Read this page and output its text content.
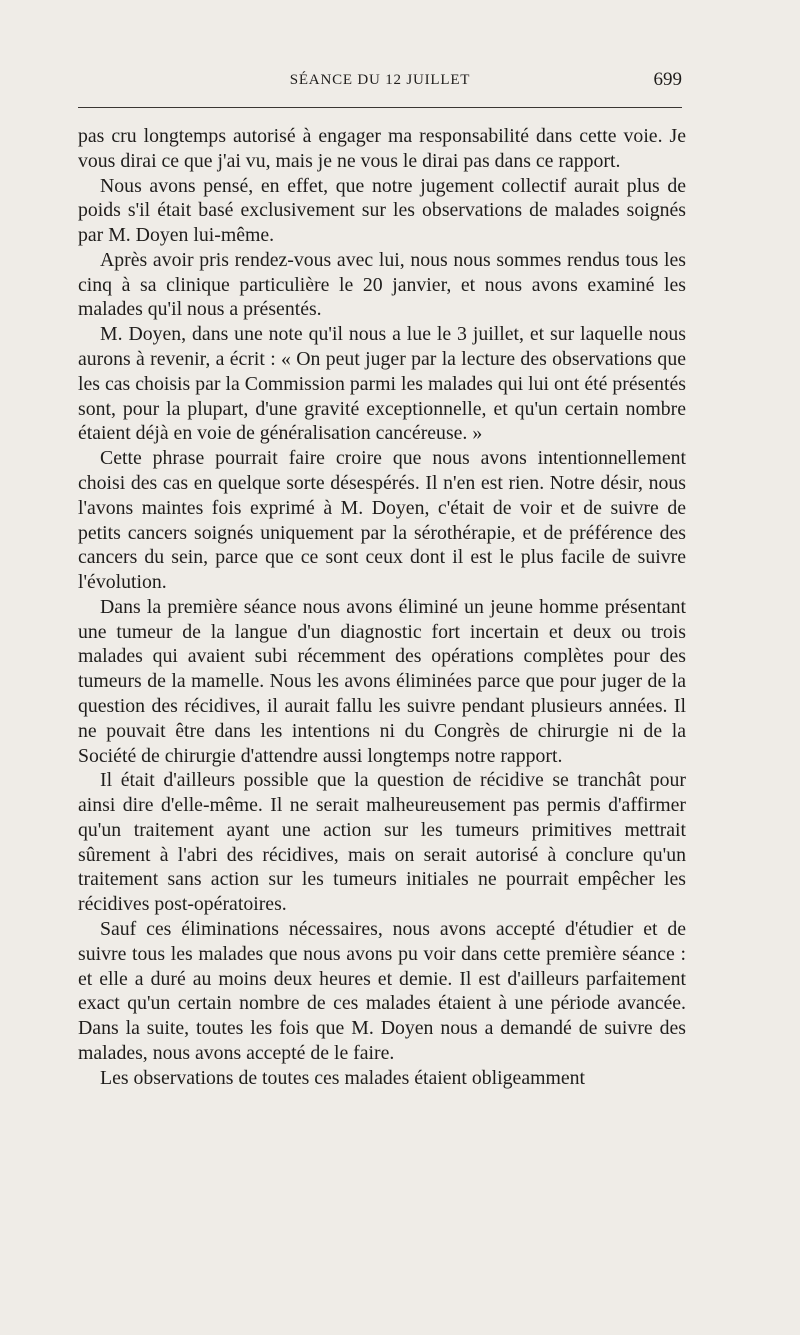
SÉANCE DU 12 JUILLET	699

pas cru longtemps autorisé à engager ma responsabilité dans cette voie. Je vous dirai ce que j'ai vu, mais je ne vous le dirai pas dans ce rapport.

Nous avons pensé, en effet, que notre jugement collectif aurait plus de poids s'il était basé exclusivement sur les observations de malades soignés par M. Doyen lui-même.

Après avoir pris rendez-vous avec lui, nous nous sommes rendus tous les cinq à sa clinique particulière le 20 janvier, et nous avons examiné les malades qu'il nous a présentés.

M. Doyen, dans une note qu'il nous a lue le 3 juillet, et sur laquelle nous aurons à revenir, a écrit : « On peut juger par la lecture des observations que les cas choisis par la Commission parmi les malades qui lui ont été présentés sont, pour la plupart, d'une gravité exceptionnelle, et qu'un certain nombre étaient déjà en voie de généralisation cancéreuse. »

Cette phrase pourrait faire croire que nous avons intentionnellement choisi des cas en quelque sorte désespérés. Il n'en est rien. Notre désir, nous l'avons maintes fois exprimé à M. Doyen, c'était de voir et de suivre de petits cancers soignés uniquement par la sérothérapie, et de préférence des cancers du sein, parce que ce sont ceux dont il est le plus facile de suivre l'évolution.

Dans la première séance nous avons éliminé un jeune homme présentant une tumeur de la langue d'un diagnostic fort incertain et deux ou trois malades qui avaient subi récemment des opérations complètes pour des tumeurs de la mamelle. Nous les avons éliminées parce que pour juger de la question des récidives, il aurait fallu les suivre pendant plusieurs années. Il ne pouvait être dans les intentions ni du Congrès de chirurgie ni de la Société de chirurgie d'attendre aussi longtemps notre rapport.

Il était d'ailleurs possible que la question de récidive se tranchât pour ainsi dire d'elle-même. Il ne serait malheureusement pas permis d'affirmer qu'un traitement ayant une action sur les tumeurs primitives mettrait sûrement à l'abri des récidives, mais on serait autorisé à conclure qu'un traitement sans action sur les tumeurs initiales ne pourrait empêcher les récidives post-opératoires.

Sauf ces éliminations nécessaires, nous avons accepté d'étudier et de suivre tous les malades que nous avons pu voir dans cette première séance : et elle a duré au moins deux heures et demie. Il est d'ailleurs parfaitement exact qu'un certain nombre de ces malades étaient à une période avancée. Dans la suite, toutes les fois que M. Doyen nous a demandé de suivre des malades, nous avons accepté de le faire.

Les observations de toutes ces malades étaient obligeamment
